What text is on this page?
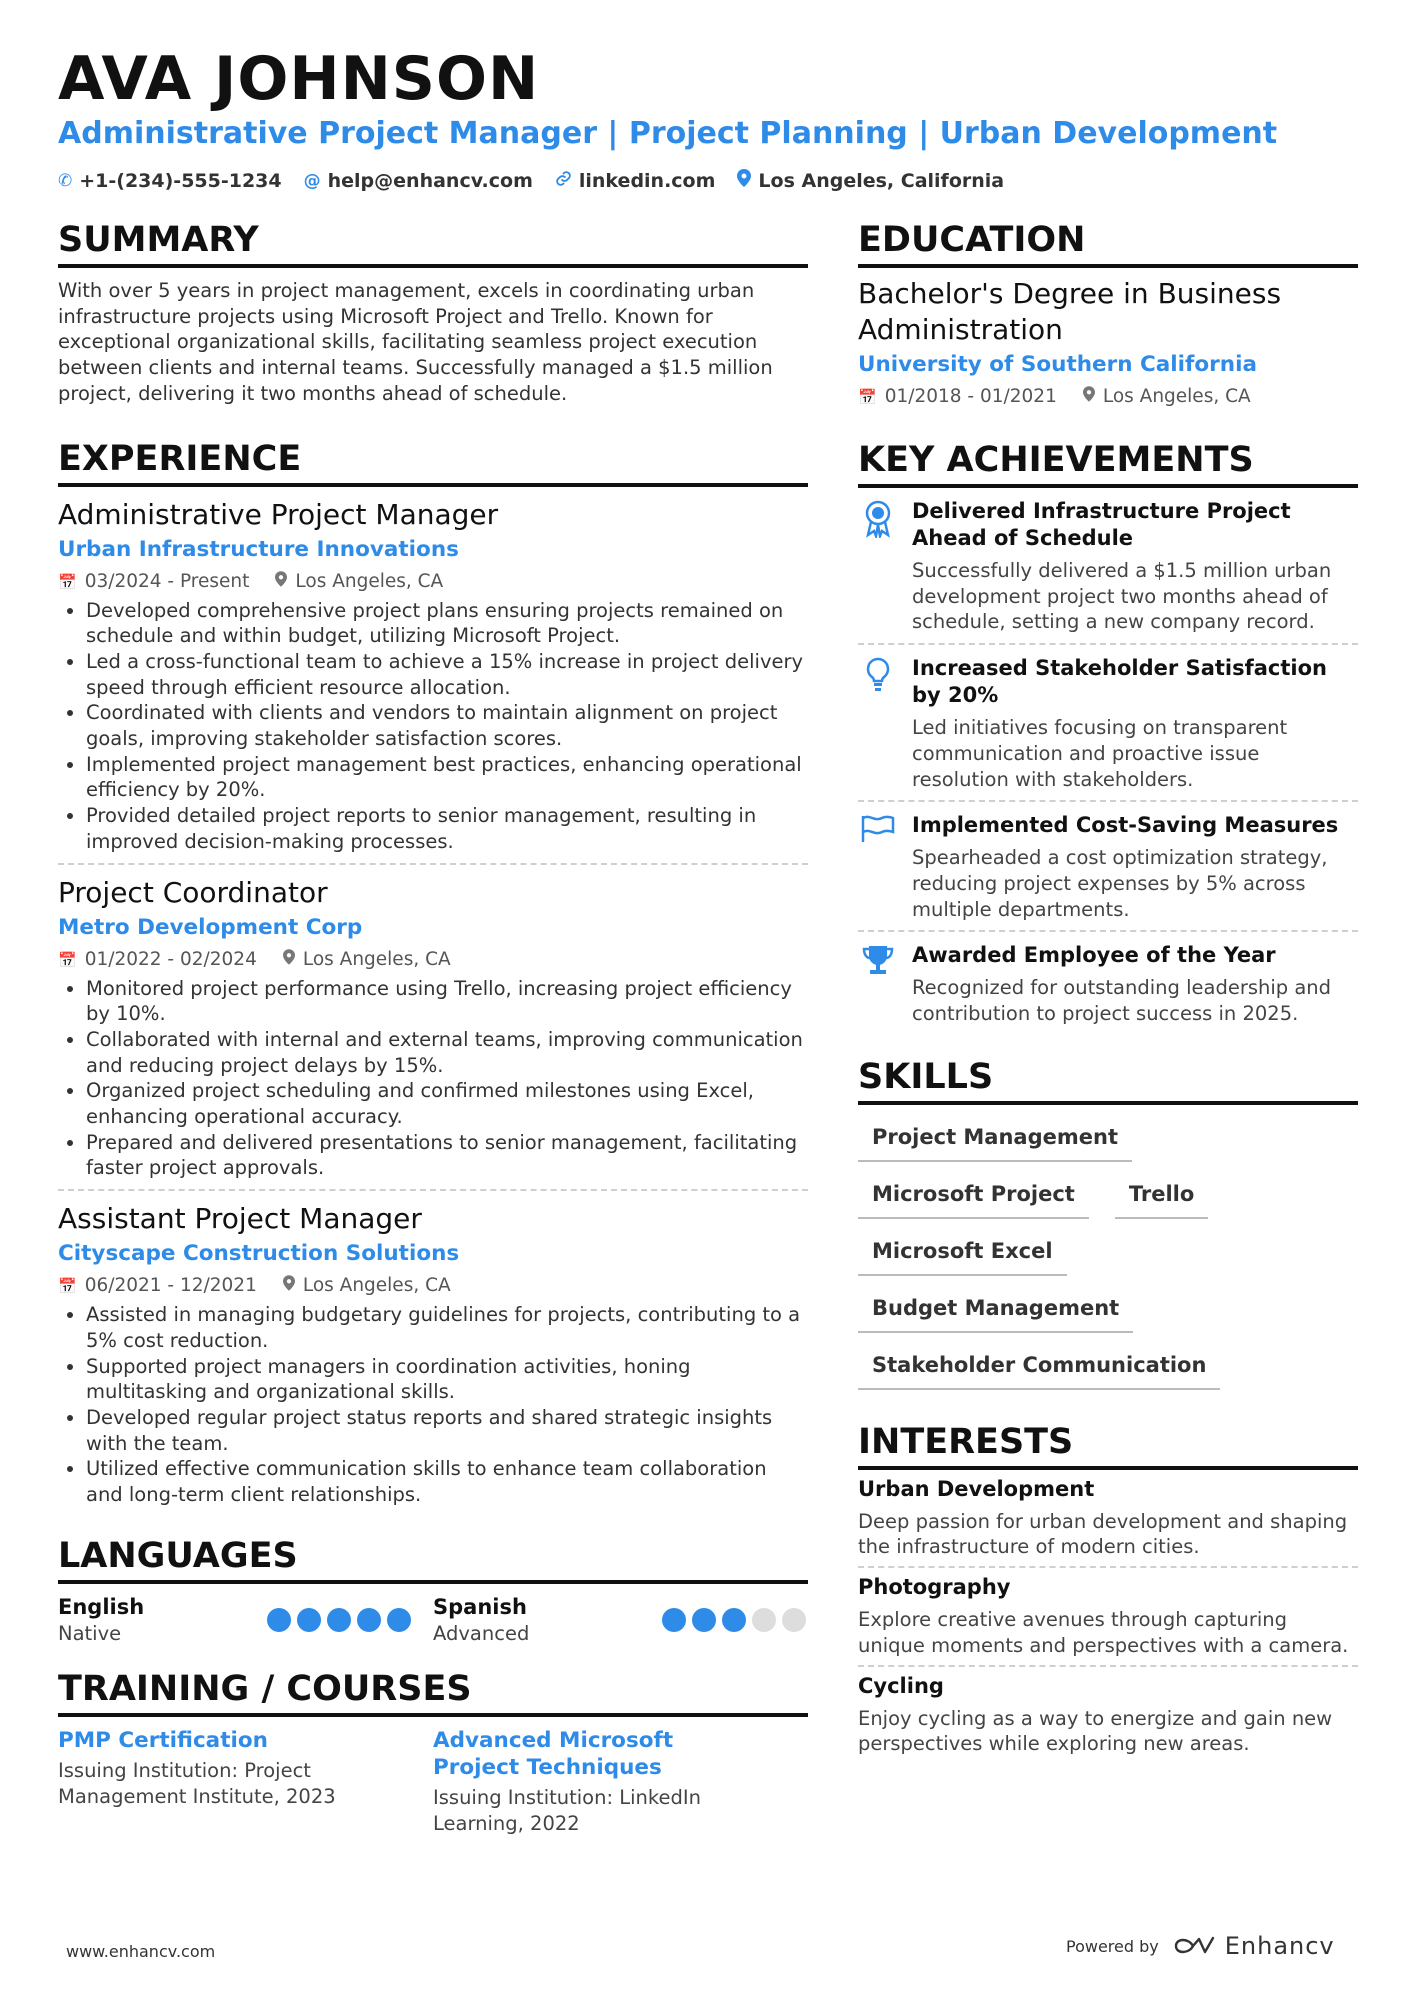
AVA JOHNSON
Administrative Project Manager | Project Planning | Urban Development
✆ +1-(234)-555-1234 @ help@enhancv.com linkedin.com Los Angeles, California
SUMMARY

With over 5 years in project management, excels in coordinating urban infrastructure projects using Microsoft Project and Trello. Known for exceptional organizational skills, facilitating seamless project execution between clients and internal teams. Successfully managed a $1.5 million project, delivering it two months ahead of schedule.

EXPERIENCE
Administrative Project Manager
Urban Infrastructure Innovations
📅 03/2024 - Present Los Angeles, CA
• Developed comprehensive project plans ensuring projects remained on schedule and within budget, utilizing Microsoft Project.
• Led a cross-functional team to achieve a 15% increase in project delivery speed through efficient resource allocation.
• Coordinated with clients and vendors to maintain alignment on project goals, improving stakeholder satisfaction scores.
• Implemented project management best practices, enhancing operational efficiency by 20%.
• Provided detailed project reports to senior management, resulting in improved decision-making processes.
Project Coordinator
Metro Development Corp
📅 01/2022 - 02/2024 Los Angeles, CA
• Monitored project performance using Trello, increasing project efficiency by 10%.
• Collaborated with internal and external teams, improving communication and reducing project delays by 15%.
• Organized project scheduling and confirmed milestones using Excel, enhancing operational accuracy.
• Prepared and delivered presentations to senior management, facilitating faster project approvals.
Assistant Project Manager
Cityscape Construction Solutions
📅 06/2021 - 12/2021 Los Angeles, CA
• Assisted in managing budgetary guidelines for projects, contributing to a 5% cost reduction.
• Supported project managers in coordination activities, honing multitasking and organizational skills.
• Developed regular project status reports and shared strategic insights with the team.
• Utilized effective communication skills to enhance team collaboration and long-term client relationships.
LANGUAGES
English
Native
Spanish
Advanced
TRAINING / COURSES
PMP Certification
Issuing Institution: Project Management Institute, 2023
Advanced Microsoft Project Techniques
Issuing Institution: LinkedIn Learning, 2022
EDUCATION
Bachelor's Degree in Business Administration
University of Southern California
📅 01/2018 - 01/2021 Los Angeles, CA
KEY ACHIEVEMENTS
Delivered Infrastructure Project Ahead of Schedule
Successfully delivered a $1.5 million urban development project two months ahead of schedule, setting a new company record.
Increased Stakeholder Satisfaction by 20%
Led initiatives focusing on transparent communication and proactive issue resolution with stakeholders.
Implemented Cost-Saving Measures
Spearheaded a cost optimization strategy, reducing project expenses by 5% across multiple departments.
Awarded Employee of the Year
Recognized for outstanding leadership and contribution to project success in 2025.
SKILLS
Project Management
Microsoft Project	Trello
Microsoft Excel
Budget Management
Stakeholder Communication
INTERESTS
Urban Development
Deep passion for urban development and shaping the infrastructure of modern cities.
Photography
Explore creative avenues through capturing unique moments and perspectives with a camera.
Cycling
Enjoy cycling as a way to energize and gain new perspectives while exploring new areas.
www.enhancv.com	Powered by	Enhancv
